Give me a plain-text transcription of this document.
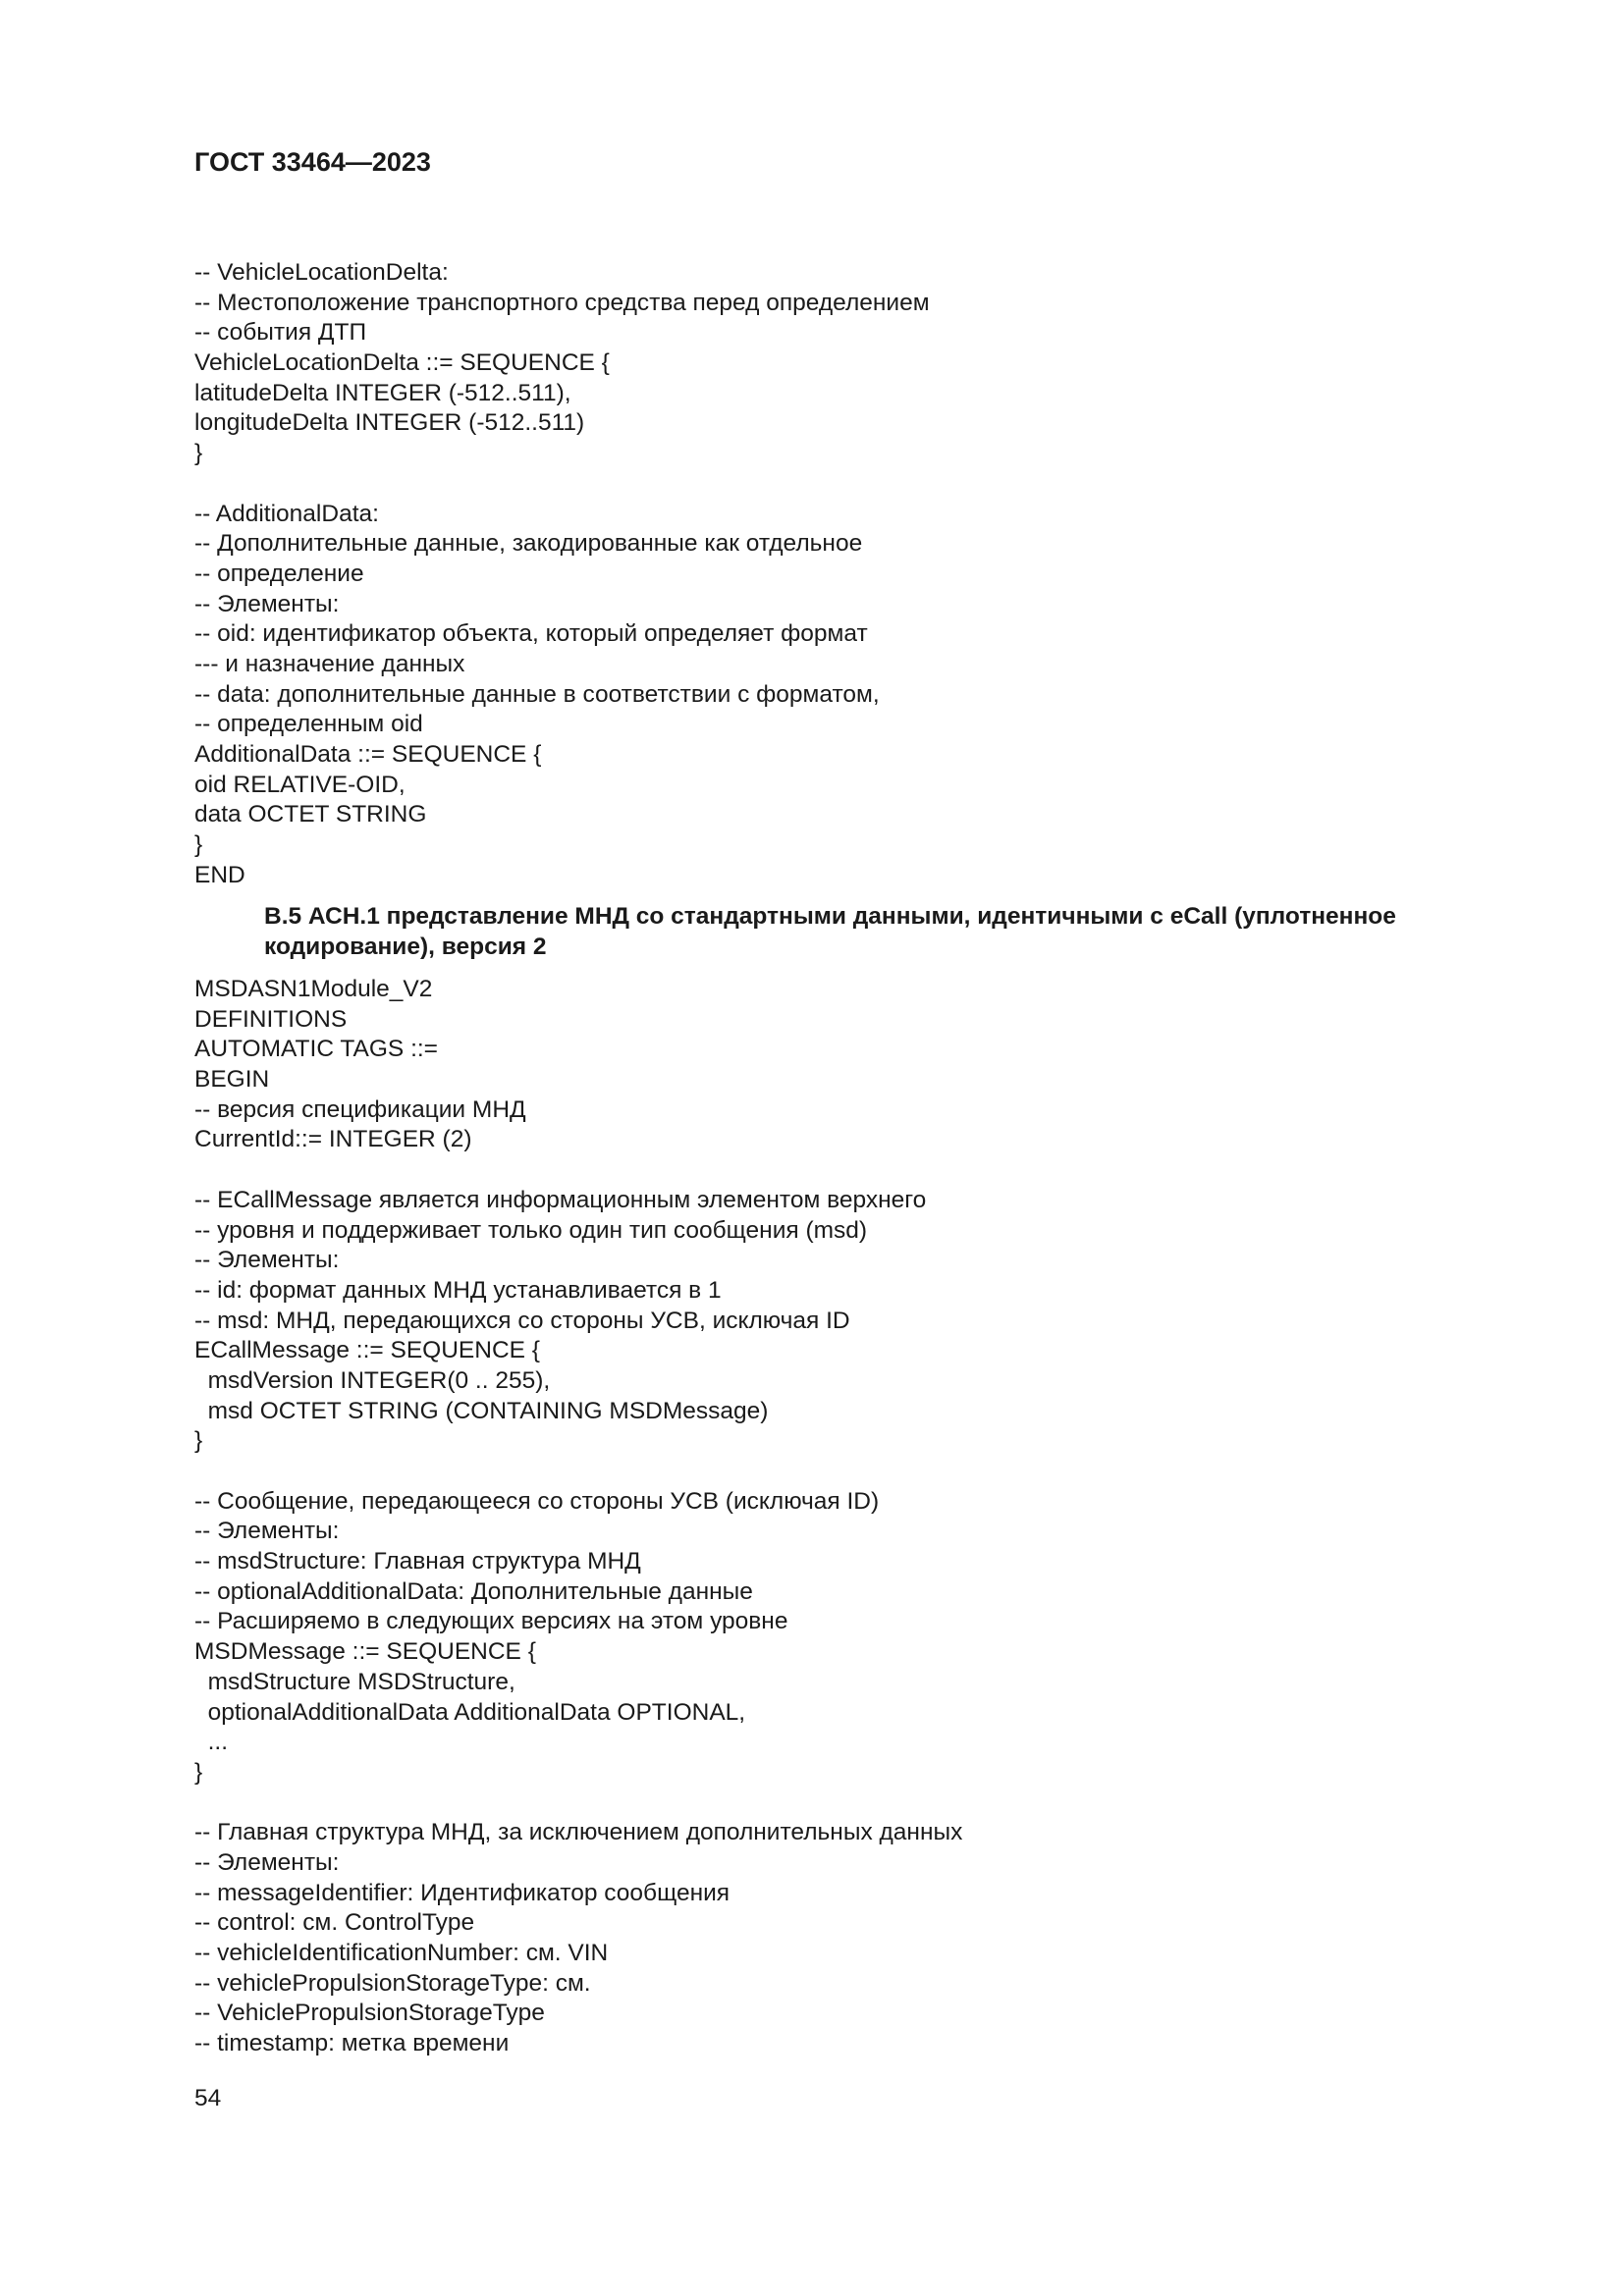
ГОСТ 33464—2023
-- VehicleLocationDelta:
-- Местоположение транспортного средства перед определением
-- события ДТП
VehicleLocationDelta ::= SEQUENCE {
latitudeDelta INTEGER (-512..511),
longitudeDelta INTEGER (-512..511)
}
-- AdditionalData:
-- Дополнительные данные, закодированные как отдельное
-- определение
-- Элементы:
-- oid: идентификатор объекта, который определяет формат
--- и назначение данных
-- data: дополнительные данные в соответствии с форматом,
-- определенным oid
AdditionalData ::= SEQUENCE {
oid RELATIVE-OID,
data OCTET STRING
}
END
В.5 АСН.1 представление МНД со стандартными данными, идентичными с eCall (уплотненное кодирование), версия 2
MSDASN1Module_V2
DEFINITIONS
AUTOMATIC TAGS ::=
BEGIN
-- версия спецификации МНД
CurrentId::= INTEGER (2)
-- ECallMessage является информационным элементом верхнего
-- уровня и поддерживает только один тип сообщения (msd)
-- Элементы:
-- id: формат данных МНД устанавливается в 1
-- msd: МНД, передающихся со стороны УСВ, исключая ID
ECallMessage ::= SEQUENCE {
msdVersion INTEGER(0 .. 255),
msd OCTET STRING (CONTAINING MSDMessage)
}
-- Сообщение, передающееся со стороны УСВ (исключая ID)
-- Элементы:
-- msdStructure: Главная структура МНД
-- optionalAdditionalData: Дополнительные данные
-- Расширяемо в следующих версиях на этом уровне
MSDMessage ::= SEQUENCE {
msdStructure MSDStructure,
optionalAdditionalData AdditionalData OPTIONAL,
...
}
-- Главная структура МНД, за исключением дополнительных данных
-- Элементы:
-- messageIdentifier: Идентификатор сообщения
-- control: см. ControlType
-- vehicleIdentificationNumber: см. VIN
-- vehiclePropulsionStorageType: см.
-- VehiclePropulsionStorageType
-- timestamp: метка времени
54
